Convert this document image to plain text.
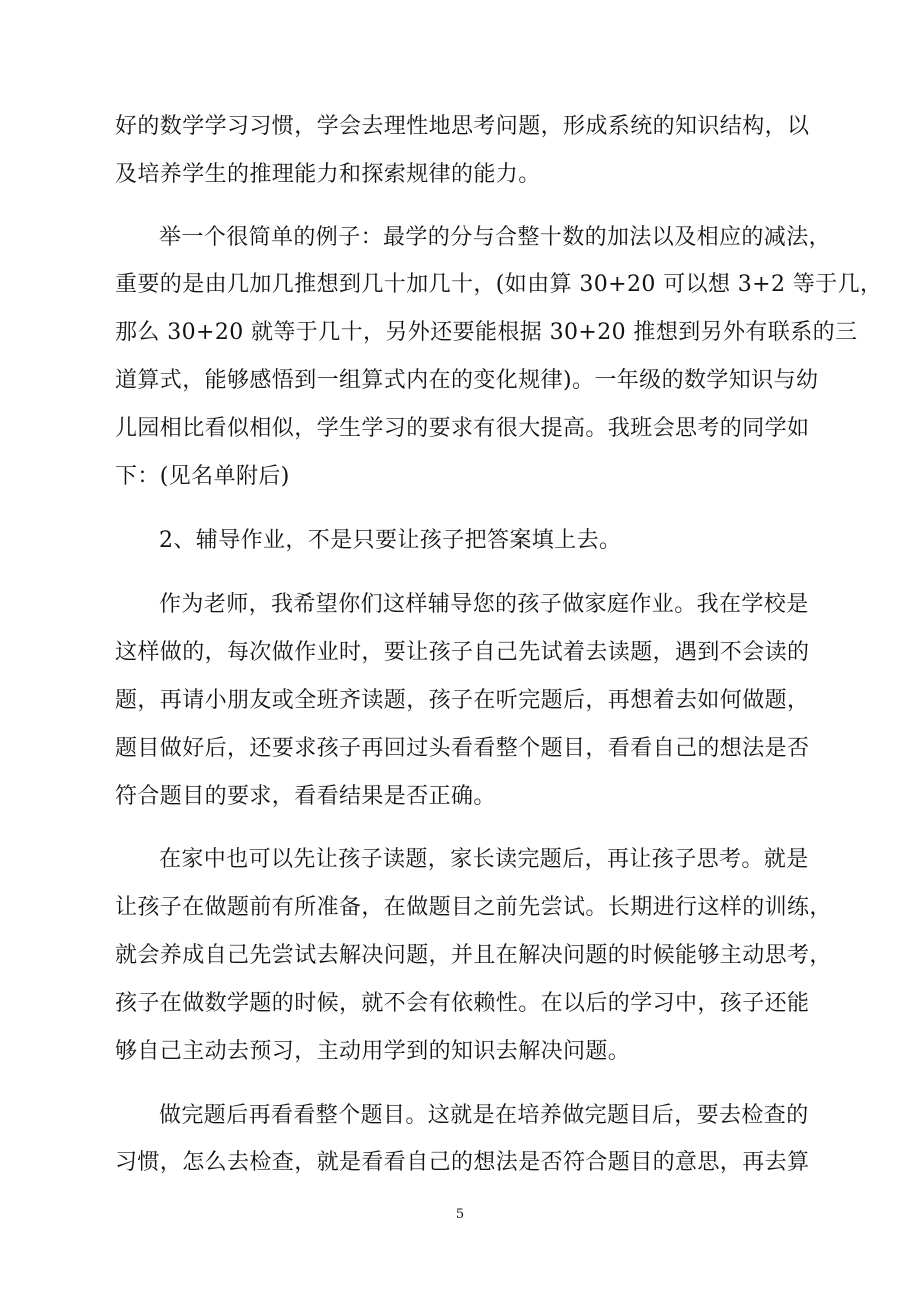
好的数学学习习惯，学会去理性地思考问题，形成系统的知识结构，以
及培养学生的推理能力和探索规律的能力。
举一个很简单的例子：最学的分与合整十数的加法以及相应的减法，
重要的是由几加几推想到几十加几十，(如由算 30+20 可以想 3+2 等于几，
那么 30+20 就等于几十，另外还要能根据 30+20 推想到另外有联系的三
道算式，能够感悟到一组算式内在的变化规律)。一年级的数学知识与幼
儿园相比看似相似，学生学习的要求有很大提高。我班会思考的同学如
下：(见名单附后)
2、辅导作业，不是只要让孩子把答案填上去。
作为老师，我希望你们这样辅导您的孩子做家庭作业。我在学校是
这样做的，每次做作业时，要让孩子自己先试着去读题，遇到不会读的
题，再请小朋友或全班齐读题，孩子在听完题后，再想着去如何做题，
题目做好后，还要求孩子再回过头看看整个题目，看看自己的想法是否
符合题目的要求，看看结果是否正确。
在家中也可以先让孩子读题，家长读完题后，再让孩子思考。就是
让孩子在做题前有所准备，在做题目之前先尝试。长期进行这样的训练，
就会养成自己先尝试去解决问题，并且在解决问题的时候能够主动思考，
孩子在做数学题的时候，就不会有依赖性。在以后的学习中，孩子还能
够自己主动去预习，主动用学到的知识去解决问题。
做完题后再看看整个题目。这就是在培养做完题目后，要去检查的
习惯，怎么去检查，就是看看自己的想法是否符合题目的意思，再去算
5
